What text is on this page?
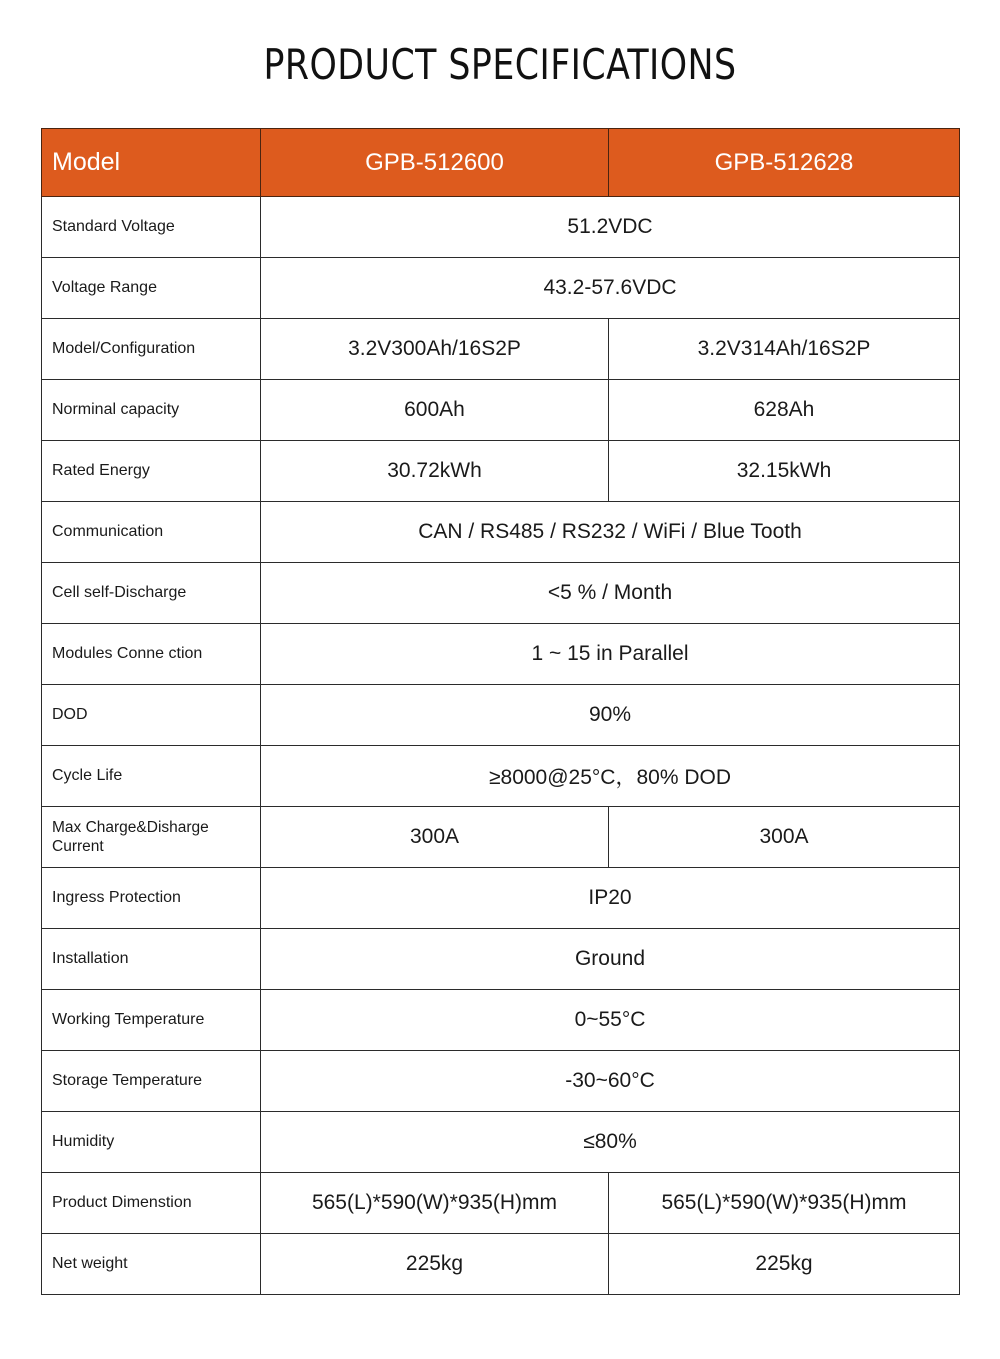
PRODUCT SPECIFICATIONS
Model	GPB-512600	GPB-512628
Standard Voltage	51.2VDC	
Voltage Range	43.2-57.6VDC	
Model/Configuration	3.2V300Ah/16S2P	3.2V314Ah/16S2P
Norminal capacity	600Ah	628Ah
Rated Energy	30.72kWh	32.15kWh
Communication	CAN / RS485 / RS232 / WiFi / Blue Tooth	
Cell self-Discharge	<5 % / Month	
Modules Conne ction	1 ~ 15 in Parallel	
DOD	90%	
Cycle Life	≥8000@25°C，80% DOD	
Max Charge&Disharge Current	300A	300A
Ingress Protection	IP20	
Installation	Ground	
Working Temperature	0~55°C	
Storage Temperature	-30~60°C	
Humidity	≤80%	
Product Dimenstion	565(L)*590(W)*935(H)mm	565(L)*590(W)*935(H)mm
Net weight	225kg	225kg
